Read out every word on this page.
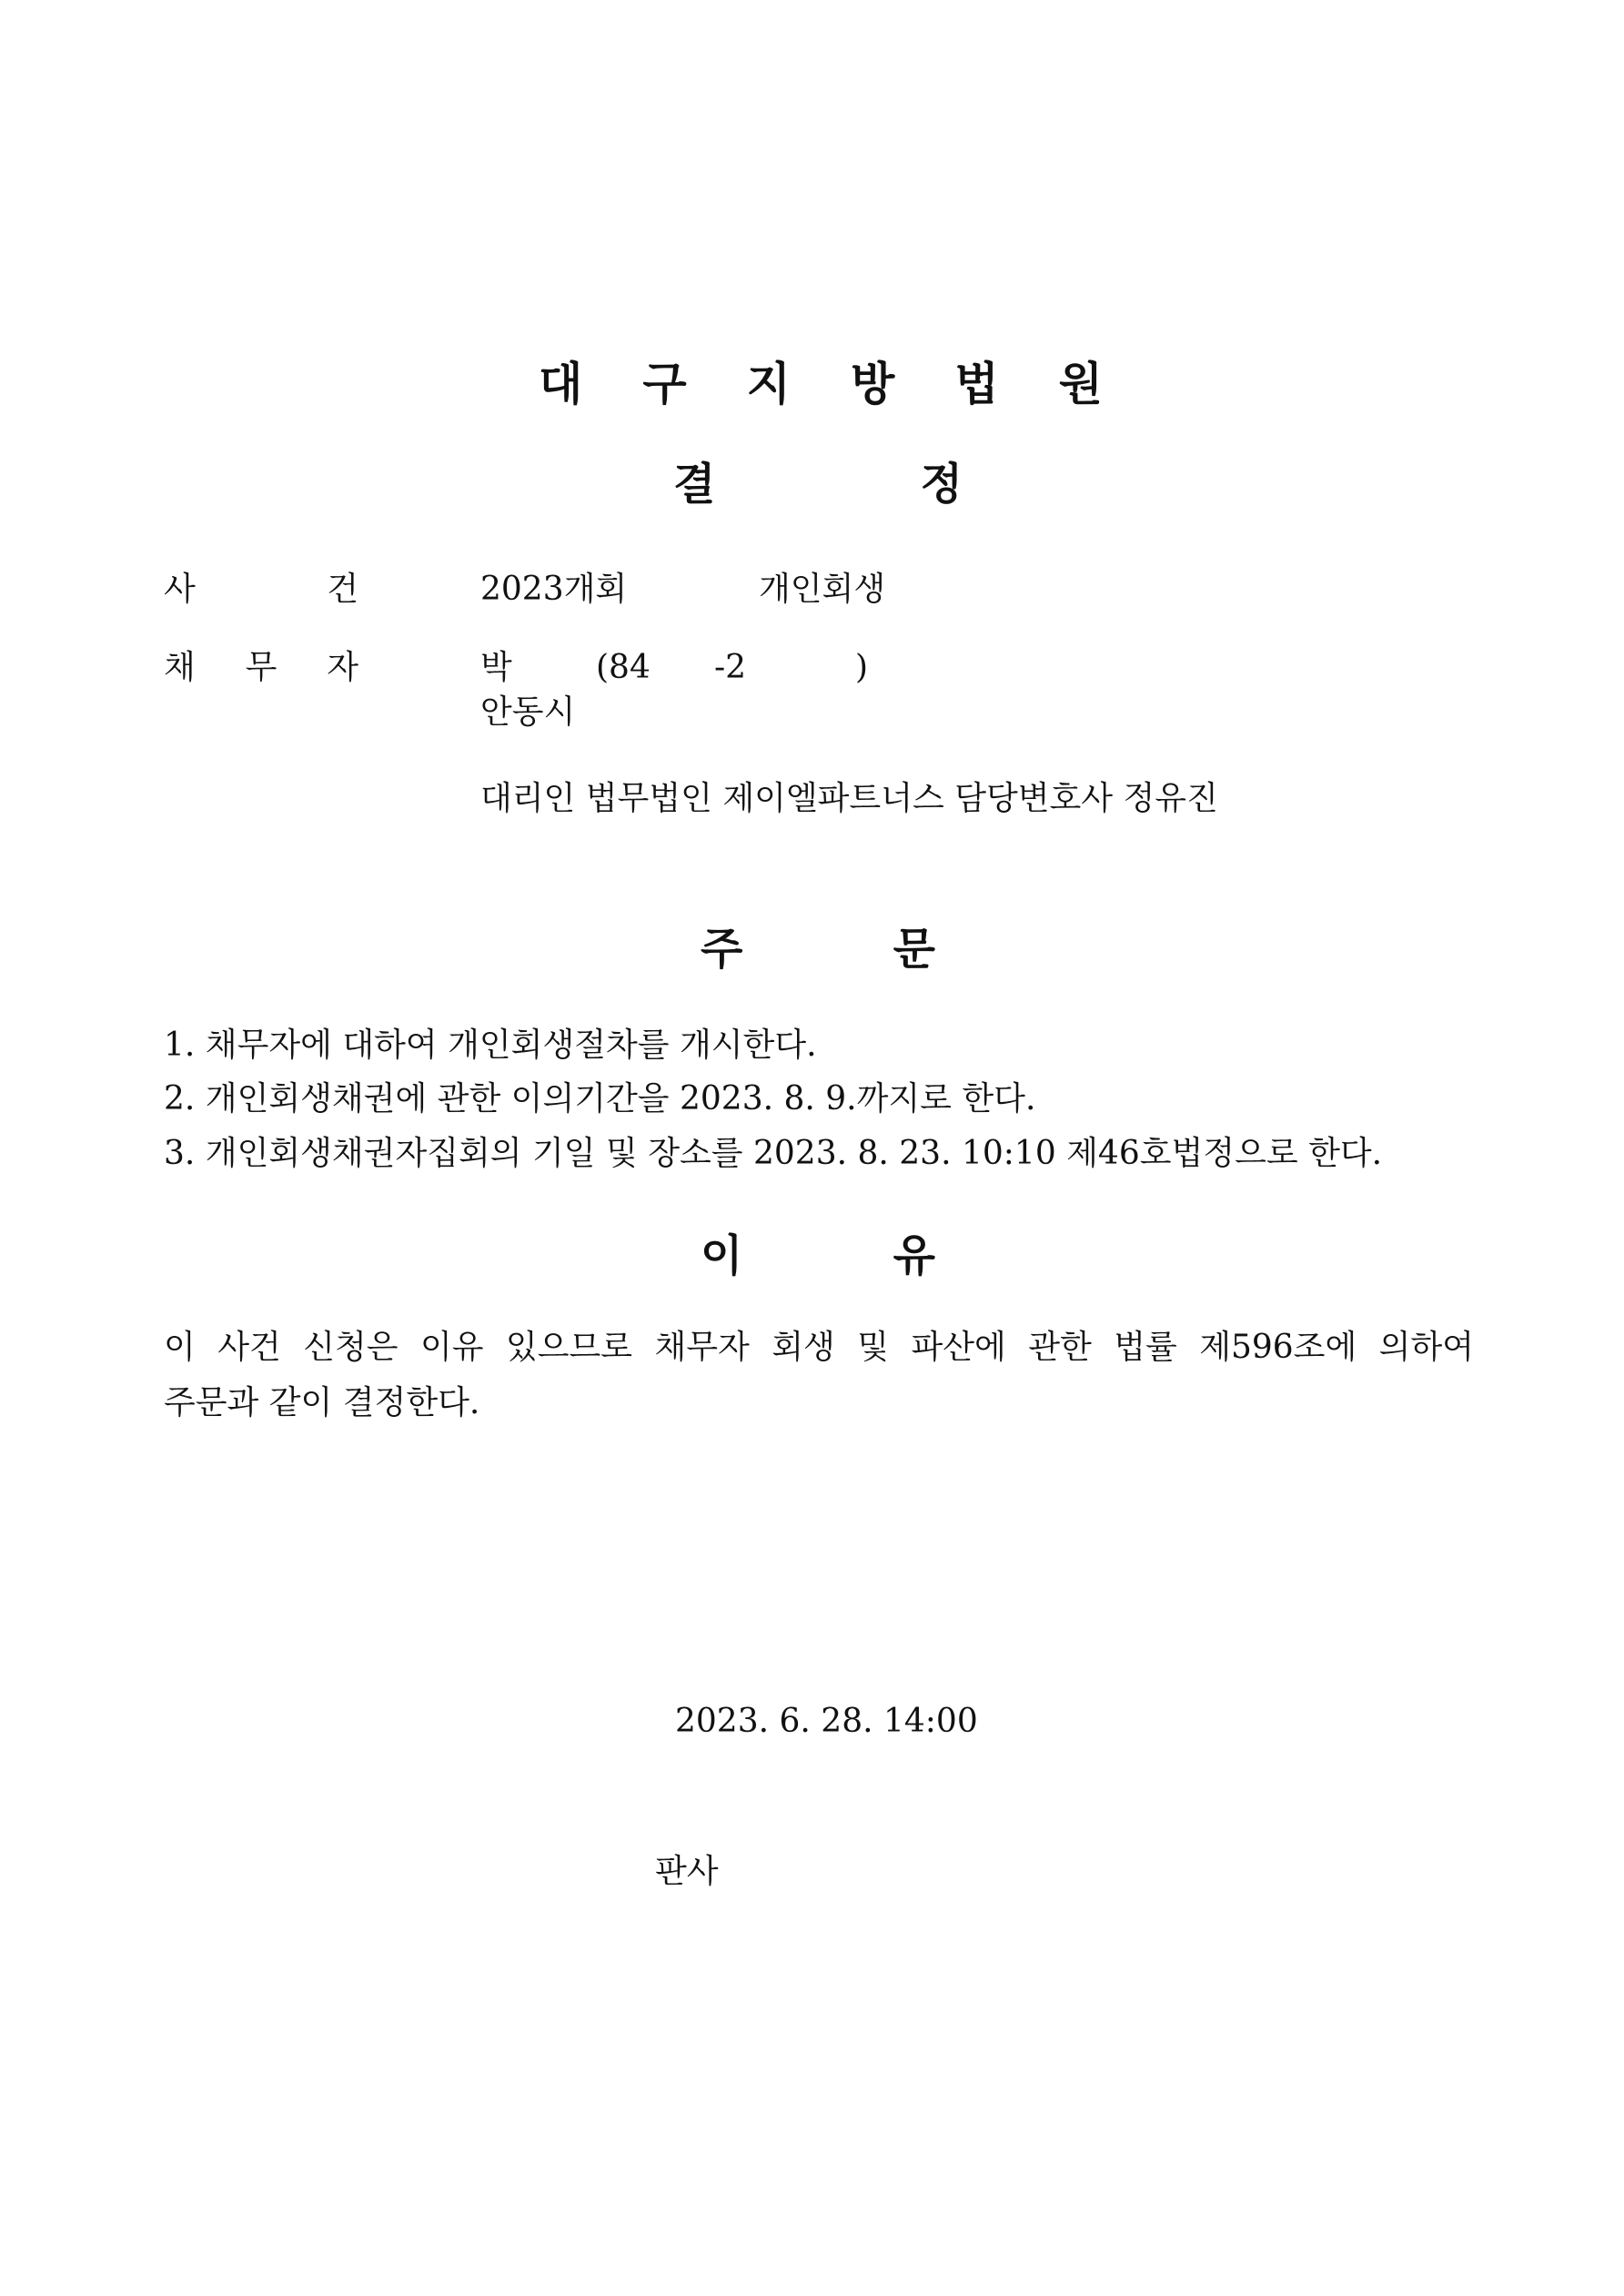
대 구 지 방 법 원
결	정
사	건	2023개회	개인회생
채 무 자	박	(84 -2	)
안동시
대리인 법무법인 제이엘파트너스 담당변호사 정유진
주	문
1. 채무자에 대하여 개인회생절차를 개시한다.
2. 개인회생채권에 관한 이의기간을 2023. 8. 9.까지로 한다.
3. 개인회생채권자집회의 기일 및 장소를 2023. 8. 23. 10:10 제46호법정으로 한다.
이	유
이 사건 신청은 이유 있으므로 채무자 회생 및 파산에 관한 법률 제596조에 의하여
주문과 같이 결정한다.
2023. 6. 28. 14:00
판사
